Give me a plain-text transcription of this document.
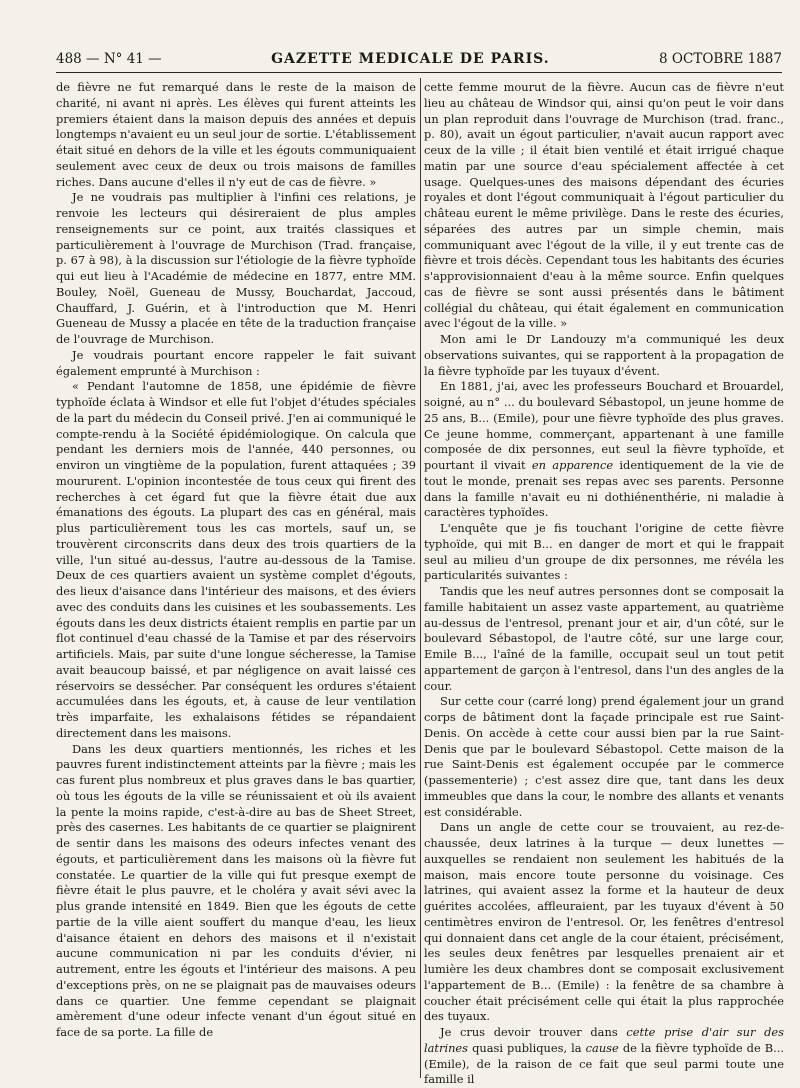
488 — N° 41 —	GAZETTE MEDICALE DE PARIS.	8 OCTOBRE 1887

de fièvre ne fut remarqué dans le reste de la maison de charité, ni avant ni après. Les élèves qui furent atteints les premiers étaient dans la maison depuis des années et depuis longtemps n'avaient eu un seul jour de sortie. L'établissement était situé en dehors de la ville et les égouts communiquaient seulement avec ceux de deux ou trois maisons de familles riches. Dans aucune d'elles il n'y eut de cas de fièvre. »

Je ne voudrais pas multiplier à l'infini ces relations, je renvoie les lecteurs qui désireraient de plus amples renseignements sur ce point, aux traités classiques et particulièrement à l'ouvrage de Murchison (Trad. française, p. 67 à 98), à la discussion sur l'étiologie de la fièvre typhoïde qui eut lieu à l'Académie de médecine en 1877, entre MM. Bouley, Noël, Gueneau de Mussy, Bouchardat, Jaccoud, Chauffard, J. Guérin, et à l'introduction que M. Henri Gueneau de Mussy a placée en tête de la traduction française de l'ouvrage de Murchison.

Je voudrais pourtant encore rappeler le fait suivant également emprunté à Murchison :

« Pendant l'automne de 1858, une épidémie de fièvre typhoïde éclata à Windsor et elle fut l'objet d'études spéciales de la part du médecin du Conseil privé. J'en ai communiqué le compte-rendu à la Société épidémiologique. On calcula que pendant les derniers mois de l'année, 440 personnes, ou environ un vingtième de la population, furent attaquées ; 39 moururent. L'opinion incontestée de tous ceux qui firent des recherches à cet égard fut que la fièvre était due aux émanations des égouts. La plupart des cas en général, mais plus particulièrement tous les cas mortels, sauf un, se trouvèrent circonscrits dans deux des trois quartiers de la ville, l'un situé au-dessus, l'autre au-dessous de la Tamise. Deux de ces quartiers avaient un système complet d'égouts, des lieux d'aisance dans l'intérieur des maisons, et des éviers avec des conduits dans les cuisines et les soubassements. Les égouts dans les deux districts étaient remplis en partie par un flot continuel d'eau chassé de la Tamise et par des réservoirs artificiels. Mais, par suite d'une longue sécheresse, la Tamise avait beaucoup baissé, et par négligence on avait laissé ces réservoirs se dessécher. Par conséquent les ordures s'étaient accumulées dans les égouts, et, à cause de leur ventilation très imparfaite, les exhalaisons fétides se répandaient directement dans les maisons.

Dans les deux quartiers mentionnés, les riches et les pauvres furent indistinctement atteints par la fièvre ; mais les cas furent plus nombreux et plus graves dans le bas quartier, où tous les égouts de la ville se réunissaient et où ils avaient la pente la moins rapide, c'est-à-dire au bas de Sheet Street, près des casernes. Les habitants de ce quartier se plaignirent de sentir dans les maisons des odeurs infectes venant des égouts, et particulièrement dans les maisons où la fièvre fut constatée. Le quartier de la ville qui fut presque exempt de fièvre était le plus pauvre, et le choléra y avait sévi avec la plus grande intensité en 1849. Bien que les égouts de cette partie de la ville aient souffert du manque d'eau, les lieux d'aisance étaient en dehors des maisons et il n'existait aucune communication ni par les conduits d'évier, ni autrement, entre les égouts et l'intérieur des maisons. A peu d'exceptions près, on ne se plaignait pas de mauvaises odeurs dans ce quartier. Une femme cependant se plaignait amèrement d'une odeur infecte venant d'un égout situé en face de sa porte. La fille de

cette femme mourut de la fièvre. Aucun cas de fièvre n'eut lieu au château de Windsor qui, ainsi qu'on peut le voir dans un plan reproduit dans l'ouvrage de Murchison (trad. franc., p. 80), avait un égout particulier, n'avait aucun rapport avec ceux de la ville ; il était bien ventilé et était irrigué chaque matin par une source d'eau spécialement affectée à cet usage. Quelques-unes des maisons dépendant des écuries royales et dont l'égout communiquait à l'égout particulier du château eurent le même privilège. Dans le reste des écuries, séparées des autres par un simple chemin, mais communiquant avec l'égout de la ville, il y eut trente cas de fièvre et trois décès. Cependant tous les habitants des écuries s'approvisionnaient d'eau à la même source. Enfin quelques cas de fièvre se sont aussi présentés dans le bâtiment collégial du château, qui était également en communication avec l'égout de la ville. »

Mon ami le Dr Landouzy m'a communiqué les deux observations suivantes, qui se rapportent à la propagation de la fièvre typhoïde par les tuyaux d'évent.

En 1881, j'ai, avec les professeurs Bouchard et Brouardel, soigné, au n° ... du boulevard Sébastopol, un jeune homme de 25 ans, B... (Emile), pour une fièvre typhoïde des plus graves. Ce jeune homme, commerçant, appartenant à une famille composée de dix personnes, eut seul la fièvre typhoïde, et pourtant il vivait en apparence identiquement de la vie de tout le monde, prenait ses repas avec ses parents. Personne dans la famille n'avait eu ni dothiénenthérie, ni maladie à caractères typhoïdes.

L'enquête que je fis touchant l'origine de cette fièvre typhoïde, qui mit B... en danger de mort et qui le frappait seul au milieu d'un groupe de dix personnes, me révéla les particularités suivantes :

Tandis que les neuf autres personnes dont se composait la famille habitaient un assez vaste appartement, au quatrième au-dessus de l'entresol, prenant jour et air, d'un côté, sur le boulevard Sébastopol, de l'autre côté, sur une large cour, Emile B..., l'aîné de la famille, occupait seul un tout petit appartement de garçon à l'entresol, dans l'un des angles de la cour.

Sur cette cour (carré long) prend également jour un grand corps de bâtiment dont la façade principale est rue Saint-Denis. On accède à cette cour aussi bien par la rue Saint-Denis que par le boulevard Sébastopol. Cette maison de la rue Saint-Denis est également occupée par le commerce (passementerie) ; c'est assez dire que, tant dans les deux immeubles que dans la cour, le nombre des allants et venants est considérable.

Dans un angle de cette cour se trouvaient, au rez-de-chaussée, deux latrines à la turque — deux lunettes — auxquelles se rendaient non seulement les habitués de la maison, mais encore toute personne du voisinage. Ces latrines, qui avaient assez la forme et la hauteur de deux guérites accolées, affleuraient, par les tuyaux d'évent à 50 centimètres environ de l'entresol. Or, les fenêtres d'entresol qui donnaient dans cet angle de la cour étaient, précisément, les seules deux fenêtres par lesquelles prenaient air et lumière les deux chambres dont se composait exclusivement l'appartement de B... (Emile) : la fenêtre de sa chambre à coucher était précisément celle qui était la plus rapprochée des tuyaux.

Je crus devoir trouver dans cette prise d'air sur des latrines quasi publiques, la cause de la fièvre typhoïde de B... (Emile), de la raison de ce fait que seul parmi toute une famille il
